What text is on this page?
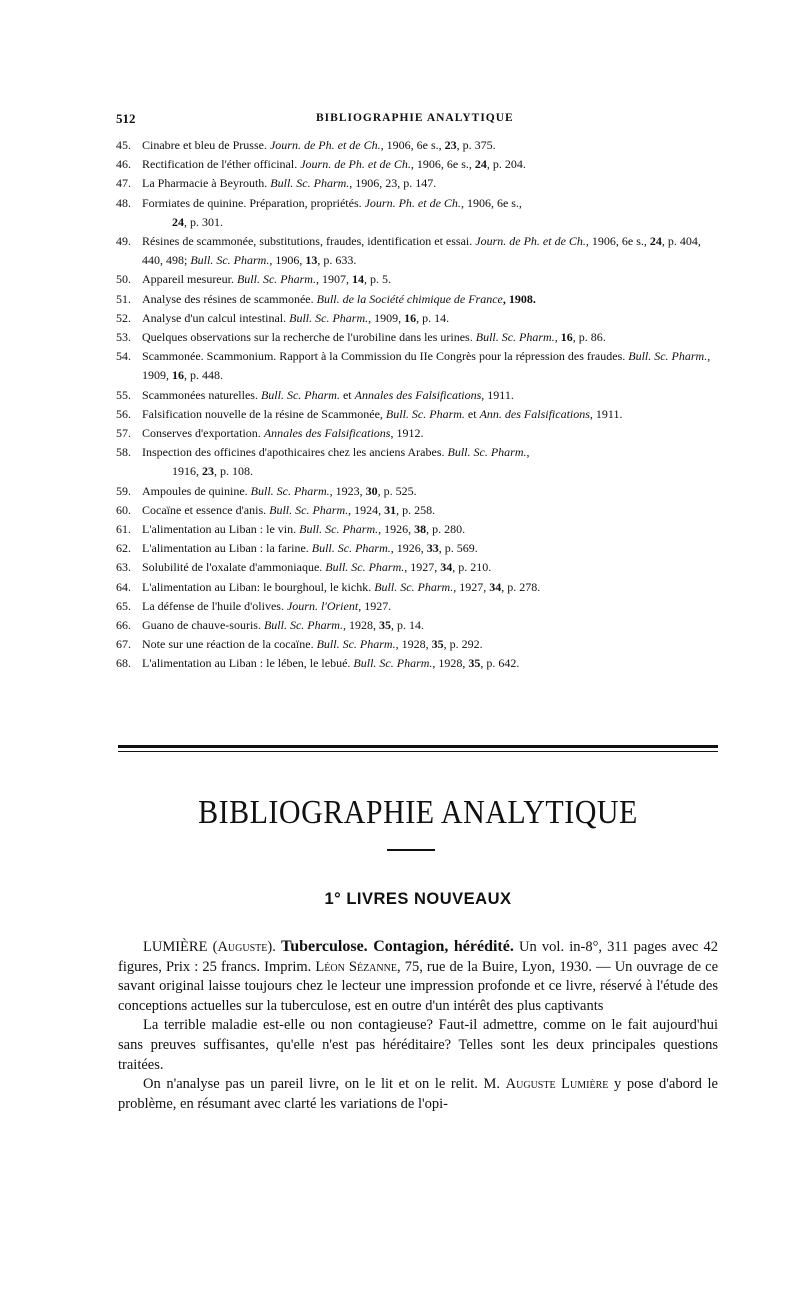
512	BIBLIOGRAPHIE ANALYTIQUE
45. Cinabre et bleu de Prusse. Journ. de Ph. et de Ch., 1906, 6e s., 23, p. 375.
46. Rectification de l'éther officinal. Journ. de Ph. et de Ch., 1906, 6e s., 24, p. 204.
47. La Pharmacie à Beyrouth. Bull. Sc. Pharm., 1906, 23, p. 147.
48. Formiates de quinine. Préparation, propriétés. Journ. Ph. et de Ch., 1906, 6e s.,
24, p. 301.
49. Résines de scammonée, substitutions, fraudes, identification et essai. Journ. de Ph. et de Ch., 1906, 6e s., 24, p. 404, 440, 498; Bull. Sc. Pharm., 1906, 13, p. 633.
50. Appareil mesureur. Bull. Sc. Pharm., 1907, 14, p. 5.
51. Analyse des résines de scammonée. Bull. de la Société chimique de France, 1908.
52. Analyse d'un calcul intestinal. Bull. Sc. Pharm., 1909, 16, p. 14.
53. Quelques observations sur la recherche de l'urobiline dans les urines. Bull. Sc. Pharm., 16, p. 86.
54. Scammonée. Scammonium. Rapport à la Commission du IIe Congrès pour la répression des fraudes. Bull. Sc. Pharm., 1909, 16, p. 448.
55. Scammonées naturelles. Bull. Sc. Pharm. et Annales des Falsifications, 1911.
56. Falsification nouvelle de la résine de Scammonée, Bull. Sc. Pharm. et Ann. des Falsifications, 1911.
57. Conserves d'exportation. Annales des Falsifications, 1912.
58. Inspection des officines d'apothicaires chez les anciens Arabes. Bull. Sc. Pharm.,
1916, 23, p. 108.
59. Ampoules de quinine. Bull. Sc. Pharm., 1923, 30, p. 525.
60. Cocaïne et essence d'anis. Bull. Sc. Pharm., 1924, 31, p. 258.
61. L'alimentation au Liban : le vin. Bull. Sc. Pharm., 1926, 38, p. 280.
62. L'alimentation au Liban : la farine. Bull. Sc. Pharm., 1926, 33, p. 569.
63. Solubilité de l'oxalate d'ammoniaque. Bull. Sc. Pharm., 1927, 34, p. 210.
64. L'alimentation au Liban: le bourghoul, le kichk. Bull. Sc. Pharm., 1927, 34, p. 278.
65. La défense de l'huile d'olives. Journ. l'Orient, 1927.
66. Guano de chauve-souris. Bull. Sc. Pharm., 1928, 35, p. 14.
67. Note sur une réaction de la cocaïne. Bull. Sc. Pharm., 1928, 35, p. 292.
68. L'alimentation au Liban : le lében, le lebué. Bull. Sc. Pharm., 1928, 35, p. 642.
BIBLIOGRAPHIE ANALYTIQUE
1° LIVRES NOUVEAUX

LUMIÈRE (Auguste). Tuberculose. Contagion, hérédité. Un vol. in-8°, 311 pages avec 42 figures, Prix : 25 francs. Imprim. Léon Sézanne, 75, rue de la Buire, Lyon, 1930. — Un ouvrage de ce savant original laisse toujours chez le lecteur une impression profonde et ce livre, réservé à l'étude des conceptions actuelles sur la tuberculose, est en outre d'un intérêt des plus captivants

La terrible maladie est-elle ou non contagieuse? Faut-il admettre, comme on le fait aujourd'hui sans preuves suffisantes, qu'elle n'est pas héréditaire? Telles sont les deux principales questions traitées.

On n'analyse pas un pareil livre, on le lit et on le relit. M. Auguste Lumière y pose d'abord le problème, en résumant avec clarté les variations de l'opi-
